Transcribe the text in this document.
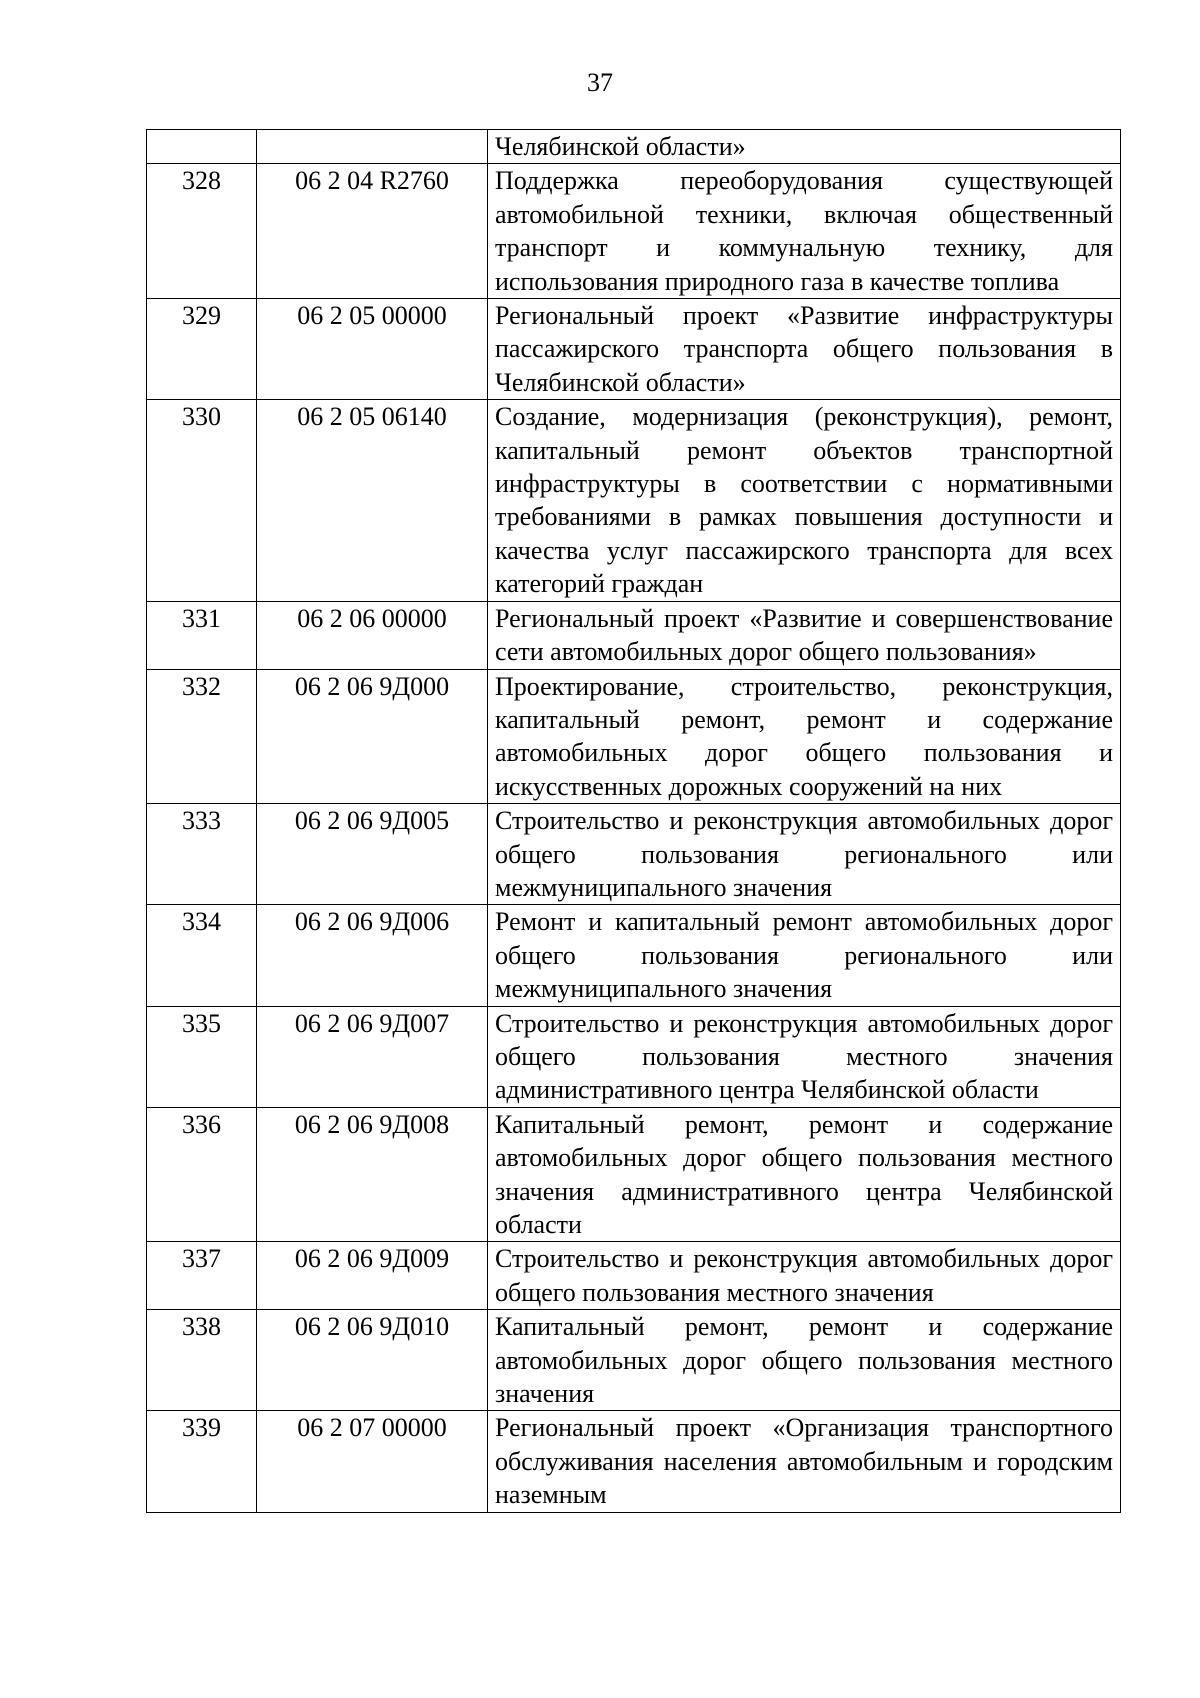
37
		Челябинской области»
328	06 2 04 R2760	Поддержка переоборудования существующей автомобильной техники, включая общественный транспорт и коммунальную технику, для использования природного газа в качестве топлива
329	06 2 05 00000	Региональный проект «Развитие инфраструктуры пассажирского транспорта общего пользования в Челябинской области»
330	06 2 05 06140	Создание, модернизация (реконструкция), ремонт, капитальный ремонт объектов транспортной инфраструктуры в соответствии с нормативными требованиями в рамках повышения доступности и качества услуг пассажирского транспорта для всех категорий граждан
331	06 2 06 00000	Региональный проект «Развитие и совершенствование сети автомобильных дорог общего пользования»
332	06 2 06 9Д000	Проектирование, строительство, реконструкция, капитальный ремонт, ремонт и содержание автомобильных дорог общего пользования и искусственных дорожных сооружений на них
333	06 2 06 9Д005	Строительство и реконструкция автомобильных дорог общего пользования регионального или межмуниципального значения
334	06 2 06 9Д006	Ремонт и капитальный ремонт автомобильных дорог общего пользования регионального или межмуниципального значения
335	06 2 06 9Д007	Строительство и реконструкция автомобильных дорог общего пользования местного значения административного центра Челябинской области
336	06 2 06 9Д008	Капитальный ремонт, ремонт и содержание автомобильных дорог общего пользования местного значения административного центра Челябинской области
337	06 2 06 9Д009	Строительство и реконструкция автомобильных дорог общего пользования местного значения
338	06 2 06 9Д010	Капитальный ремонт, ремонт и содержание автомобильных дорог общего пользования местного значения
339	06 2 07 00000	Региональный проект «Организация транспортного обслуживания населения автомобильным и городским наземным
